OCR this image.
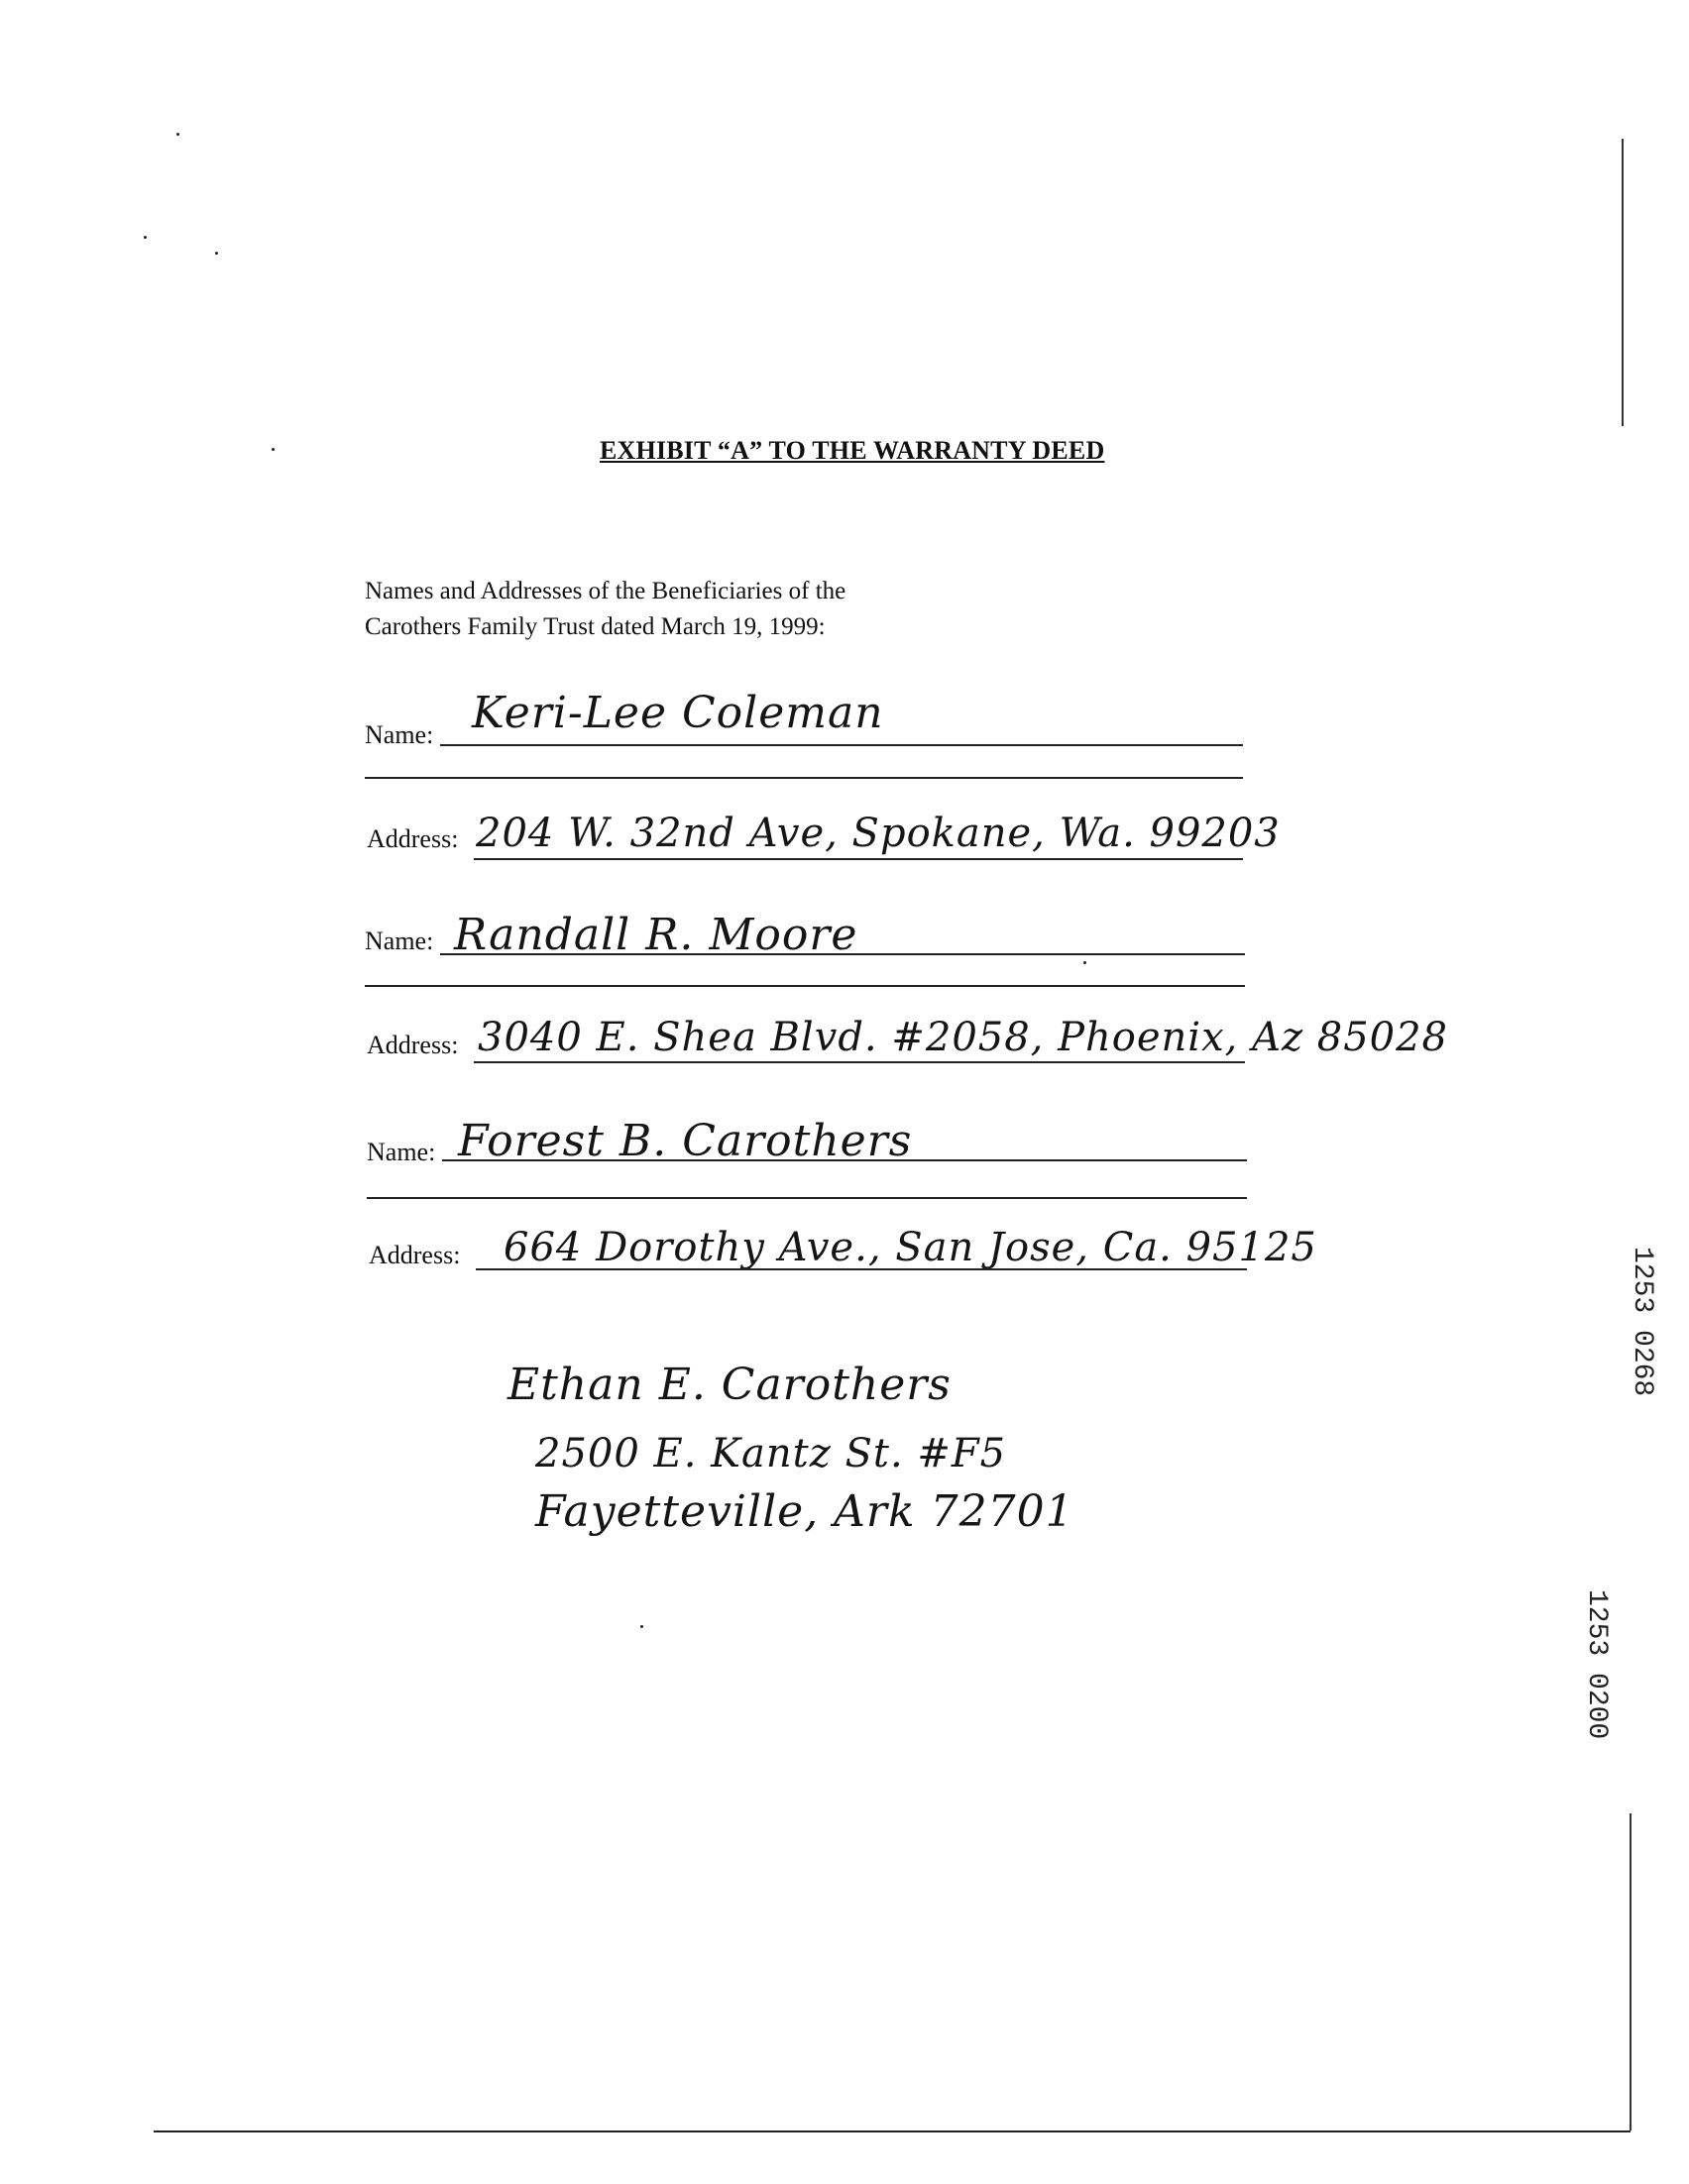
EXHIBIT “A” TO THE WARRANTY DEED
Names and Addresses of the Beneficiaries of the
Carothers Family Trust dated March 19, 1999:
Name: Keri-Lee Coleman
Address: 204 W. 32nd Ave, Spokane, Wa. 99203
Name: Randall R. Moore
Address: 3040 E. Shea Blvd. #2058, Phoenix, Az 85028
Name: Forest B. Carothers
Address: 664 Dorothy Ave., San Jose, Ca. 95125
Ethan E. Carothers
2500 E. Kantz St. #F5
Fayetteville, Ark 72701
1253 0268
1253 0200
